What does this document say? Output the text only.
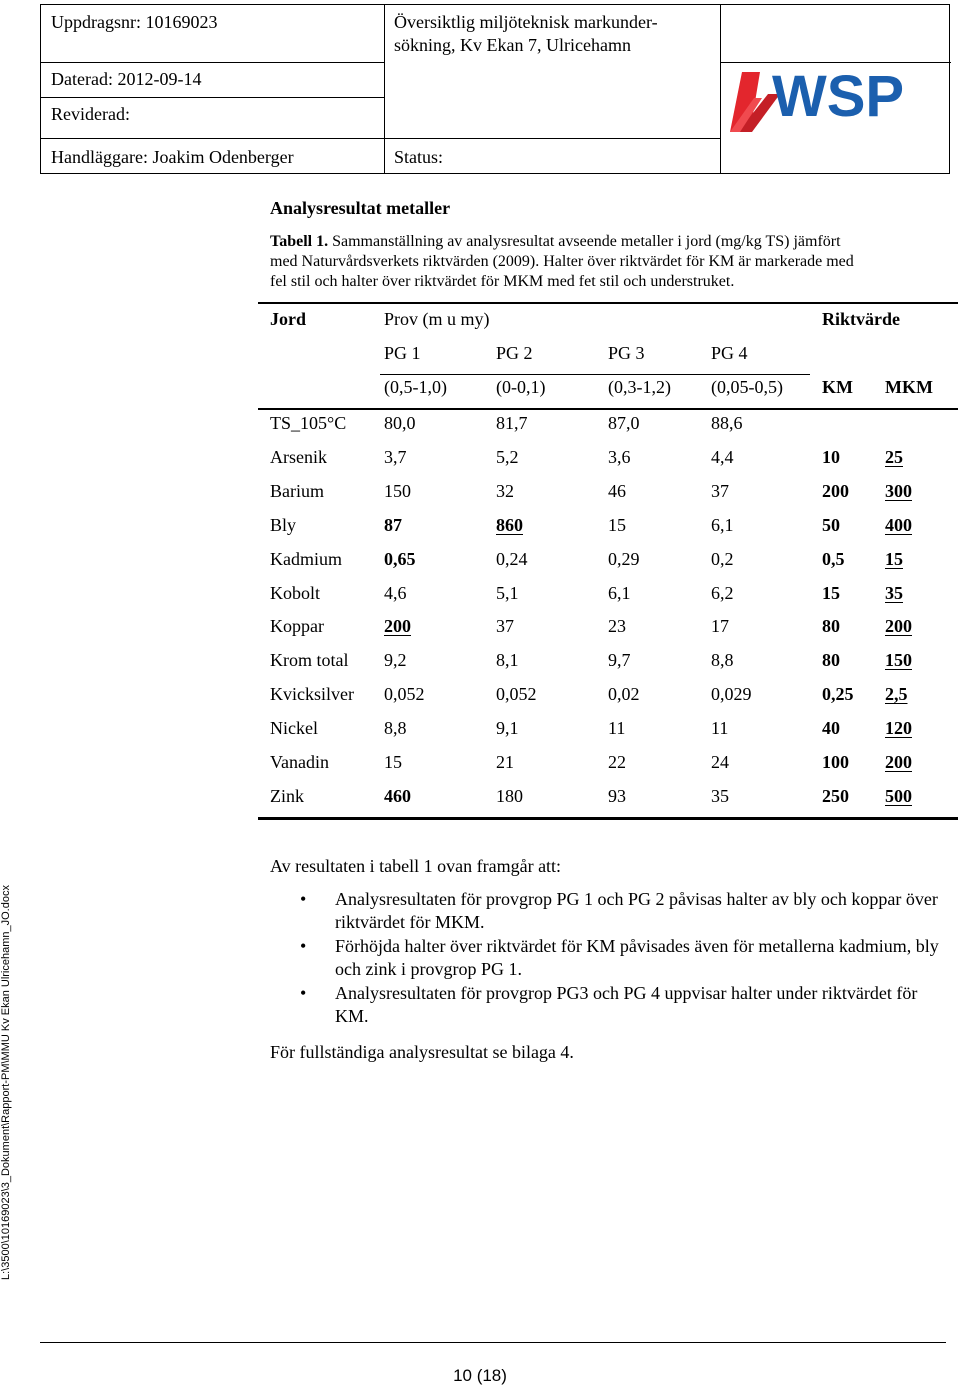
Uppdragsnr: 10169023	Översiktlig miljöteknisk markunder-
sökning, Kv Ekan 7, Ulricehamn
Daterad: 2012-09-14
Reviderad:
Handläggare: Joakim Odenberger	Status:
WSP
Analysresultat metaller
Tabell 1. Sammanställning av analysresultat avseende metaller i jord (mg/kg TS) jämfört
med Naturvårdsverkets riktvärden (2009). Halter över riktvärdet för KM är markerade med
fel stil och halter över riktvärdet för MKM med fet stil och understruket.
Jord	Prov (m u my)	Riktvärde
PG 1	PG 2	PG 3	PG 4
(0,5-1,0)	(0-0,1)	(0,3-1,2) (0,05-0,5) KM MKM
TS_105°C 80,0	81,7	87,0	88,6
Arsenik	3,7	5,2	3,6	4,4	10	25
Barium	150	32	46	37	200 300
Bly	87	860	15	6,1	50	400
Kadmium 0,65	0,24	0,29	0,2	0,5 15
Kobolt	4,6	5,1	6,1	6,2	15	35
Koppar	200	37	23	17	80	200
Krom total 9,2	8,1	9,7	8,8	80	150
Kvicksilver 0,052	0,052	0,02	0,029	0,25 2,5
Nickel	8,8	9,1	11	11	40	120
Vanadin	15	21	22	24	100 200
Zink	460	180	93	35	250 500
Av resultaten i tabell 1 ovan framgår att:
• Analysresultaten för provgrop PG 1 och PG 2 påvisas halter av bly och koppar över riktvärdet för MKM.
• Förhöjda halter över riktvärdet för KM påvisades även för metallerna kadmium, bly och zink i provgrop PG 1.
• Analysresultaten för provgrop PG3 och PG 4 uppvisar halter under riktvärdet för KM.
För fullständiga analysresultat se bilaga 4.
L:\3500\10169023\3_Dokument\Rapport-PM\MMU Kv Ekan Ulricehamn_JO.docx
10 (18)
